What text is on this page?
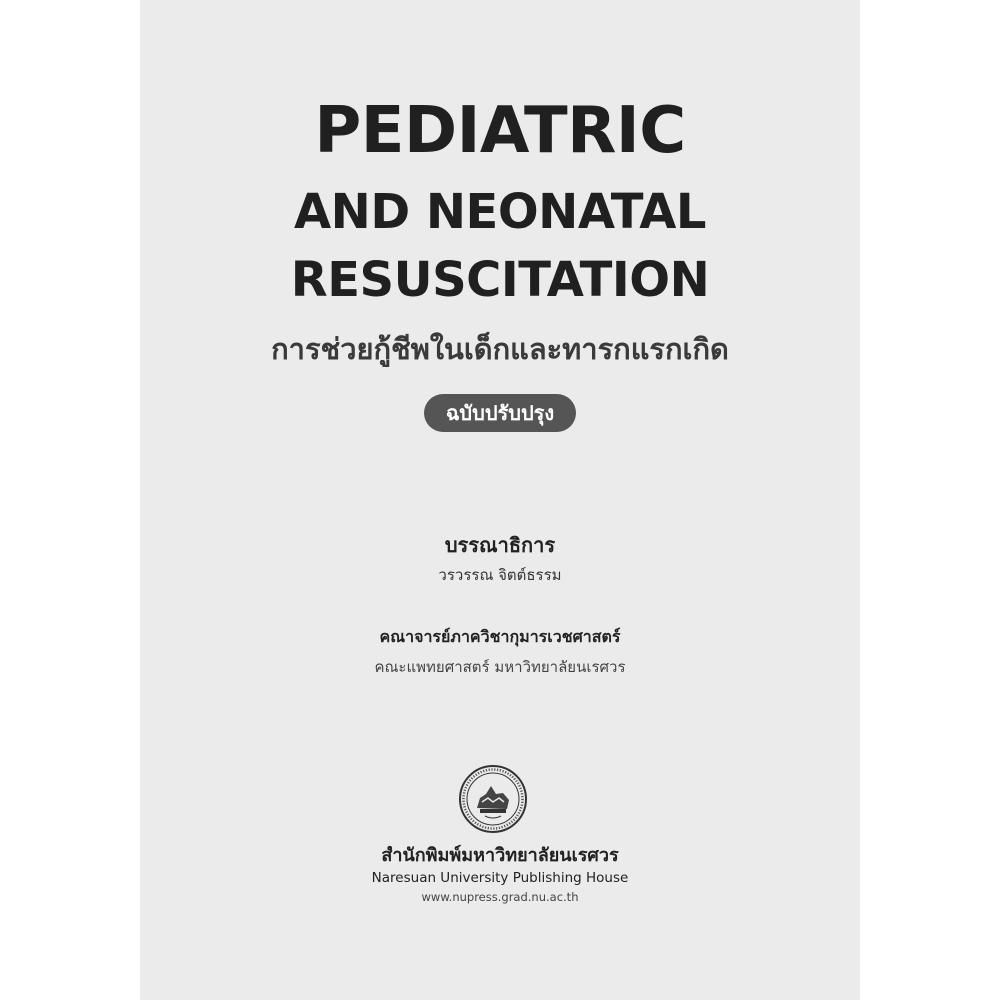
PEDIATRIC
AND NEONATAL
RESUSCITATION
การช่วยกู้ชีพในเด็กและทารกแรกเกิด
ฉบับปรับปรุง
บรรณาธิการ
วรวรรณ จิตต์ธรรม
คณาจารย์ภาควิชากุมารเวชศาสตร์
คณะแพทยศาสตร์ มหาวิทยาลัยนเรศวร
สำนักพิมพ์มหาวิทยาลัยนเรศวร
Naresuan University Publishing House
www.nupress.grad.nu.ac.th
